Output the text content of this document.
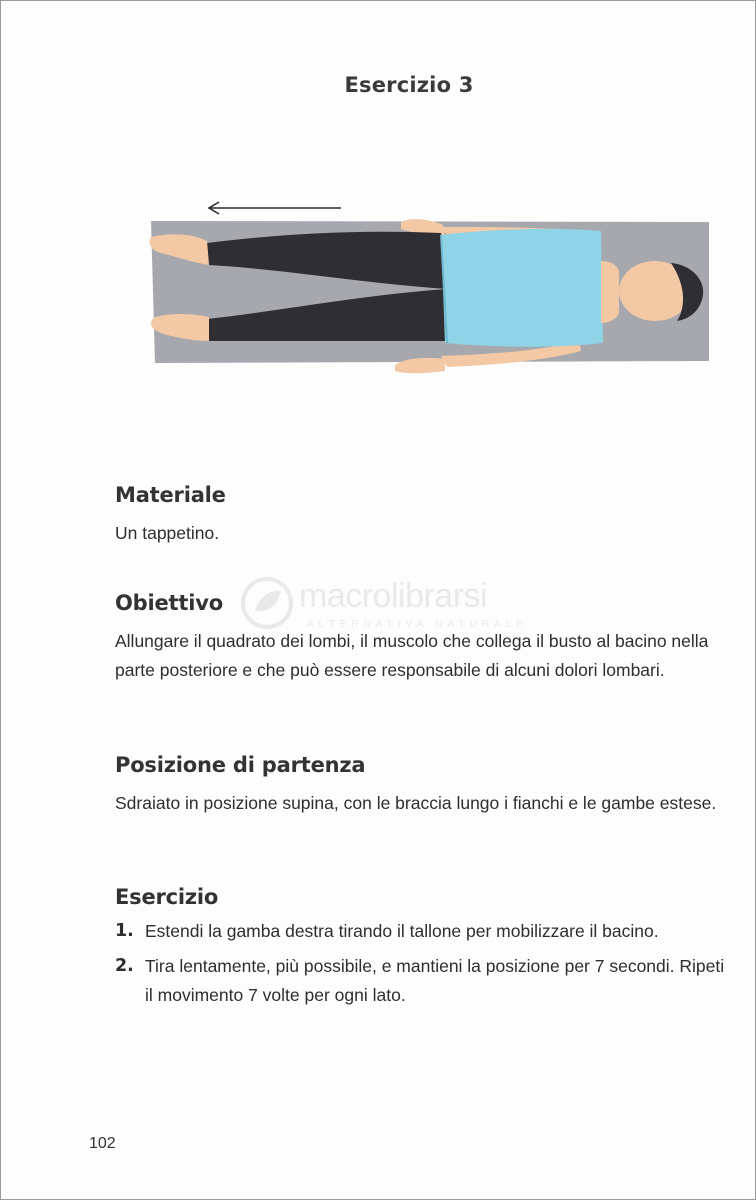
Esercizio 3
Materiale

Un tappetino.

Obiettivo

Allungare il quadrato dei lombi, il muscolo che collega il busto al bacino nella parte posteriore e che può essere responsabile di alcuni dolori lombari.

Posizione di partenza

Sdraiato in posizione supina, con le braccia lungo i fianchi e le gambe estese.

Esercizio
1. Estendi la gamba destra tirando il tallone per mobilizzare il bacino.
2. Tira lentamente, più possibile, e mantieni la posizione per 7 secondi. Ripeti il movimento 7 volte per ogni lato.
macrolibrarsi
ALTERNATIVA NATURALE
102
